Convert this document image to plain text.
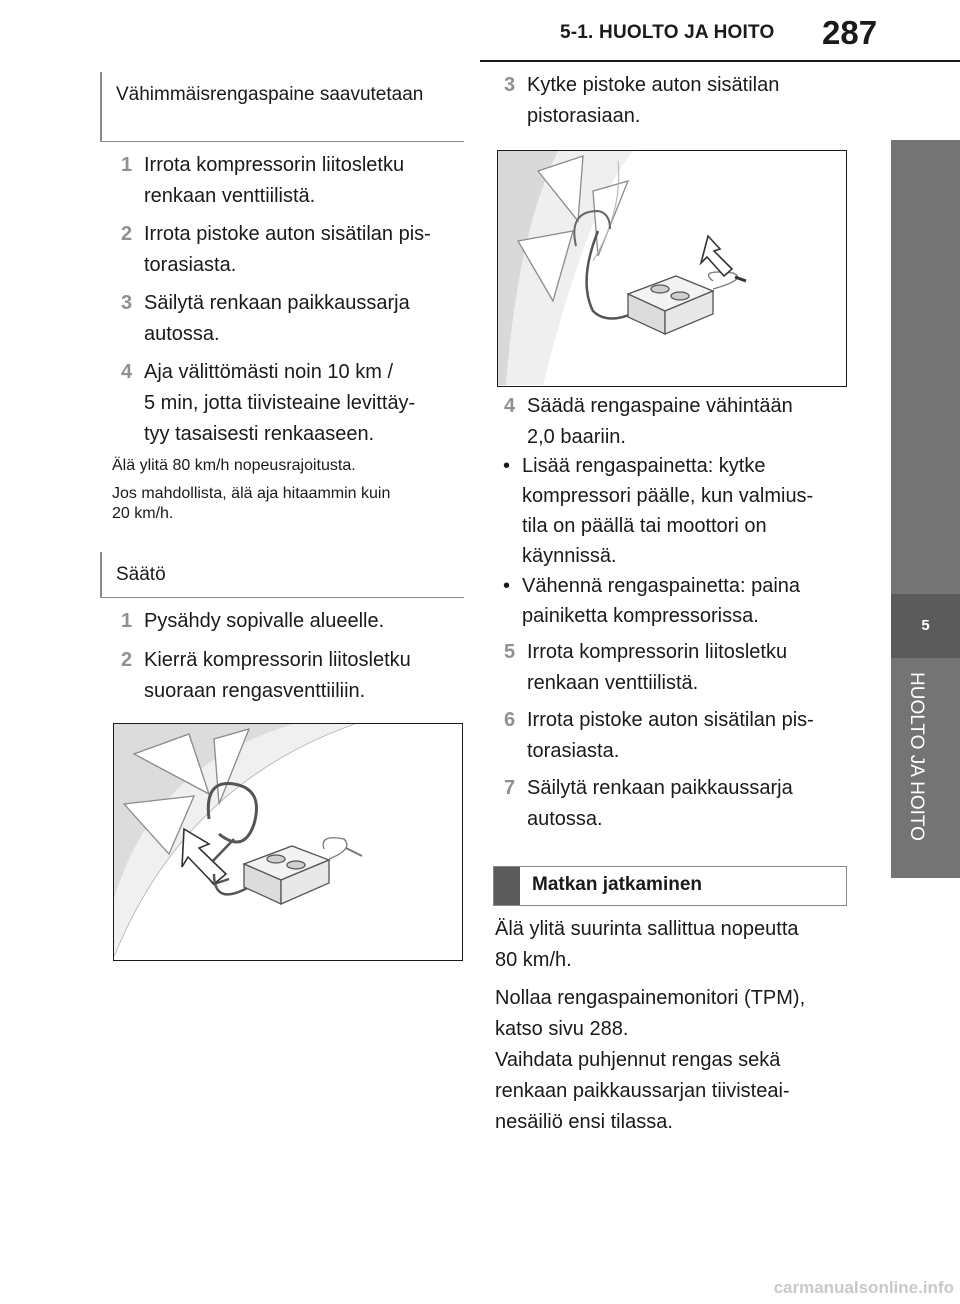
5-1. HUOLTO JA HOITO 287
5
HUOLTO JA HOITO
Vähimmäisrengaspaine saavutetaan
1 Irrota kompressorin liitosletku
renkaan venttiilistä.
2 Irrota pistoke auton sisätilan pis-
torasiasta.
3 Säilytä renkaan paikkaussarja
autossa.
4 Aja välittömästi noin 10 km /
5 min, jotta tiivisteaine levittäy-
tyy tasaisesti renkaaseen.
Älä ylitä 80 km/h nopeusrajoitusta.
Jos mahdollista, älä aja hitaammin kuin
20 km/h.
Säätö
1 Pysähdy sopivalle alueelle.
2 Kierrä kompressorin liitosletku
suoraan rengasventtiiliin.
3 Kytke pistoke auton sisätilan
pistorasiaan.
4 Säädä rengaspaine vähintään
2,0 baariin.
• Lisää rengaspainetta: kytke
kompressori päälle, kun valmius-
tila on päällä tai moottori on
käynnissä.
• Vähennä rengaspainetta: paina
painiketta kompressorissa.
5 Irrota kompressorin liitosletku
renkaan venttiilistä.
6 Irrota pistoke auton sisätilan pis-
torasiasta.
7 Säilytä renkaan paikkaussarja
autossa.
Matkan jatkaminen
Älä ylitä suurinta sallittua nopeutta
80 km/h.
Nollaa rengaspainemonitori (TPM),
katso sivu 288.
Vaihdata puhjennut rengas sekä
renkaan paikkaussarjan tiivisteai-
nesäiliö ensi tilassa.
carmanualsonline.info
